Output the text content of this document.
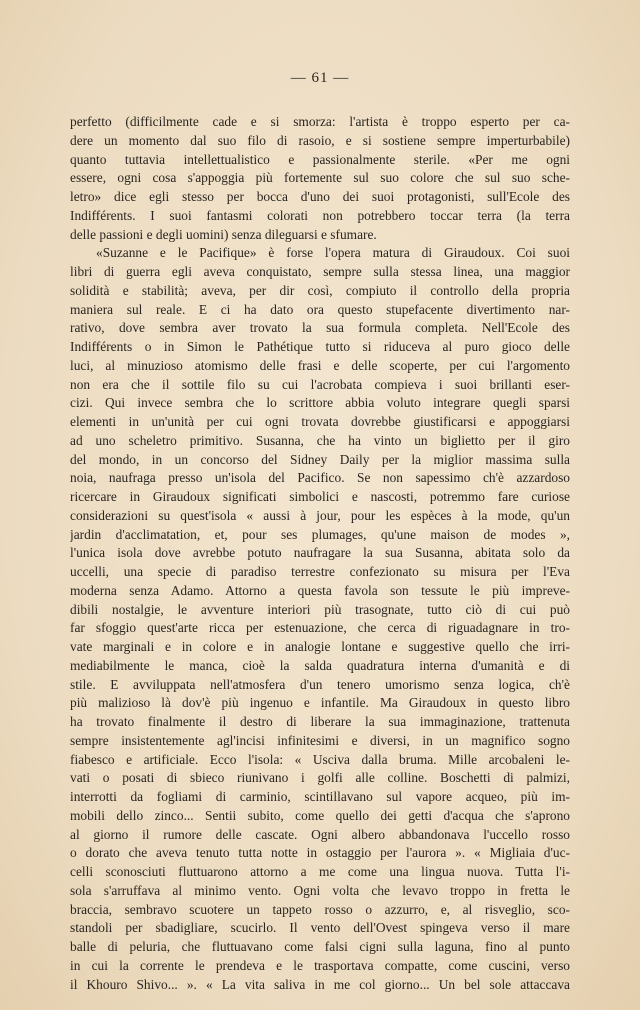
— 61 —
perfetto (difficilmente cade e si smorza: l'artista è troppo esperto per ca-
dere un momento dal suo filo di rasoio, e si sostiene sempre imperturbabile)
quanto tuttavia intellettualistico e passionalmente sterile. «Per me ogni
essere, ogni cosa s'appoggia più fortemente sul suo colore che sul suo sche-
letro» dice egli stesso per bocca d'uno dei suoi protagonisti, sull'Ecole des
Indifférents. I suoi fantasmi colorati non potrebbero toccar terra (la terra
delle passioni e degli uomini) senza dileguarsi e sfumare.
«Suzanne e le Pacifique» è forse l'opera matura di Giraudoux. Coi suoi
libri di guerra egli aveva conquistato, sempre sulla stessa linea, una maggior
solidità e stabilità; aveva, per dir così, compiuto il controllo della propria
maniera sul reale. E ci ha dato ora questo stupefacente divertimento nar-
rativo, dove sembra aver trovato la sua formula completa. Nell'Ecole des
Indifférents o in Simon le Pathétique tutto si riduceva al puro gioco delle
luci, al minuzioso atomismo delle frasi e delle scoperte, per cui l'argomento
non era che il sottile filo su cui l'acrobata compieva i suoi brillanti eser-
cizi. Qui invece sembra che lo scrittore abbia voluto integrare quegli sparsi
elementi in un'unità per cui ogni trovata dovrebbe giustificarsi e appoggiarsi
ad uno scheletro primitivo. Susanna, che ha vinto un biglietto per il giro
del mondo, in un concorso del Sidney Daily per la miglior massima sulla
noia, naufraga presso un'isola del Pacifico. Se non sapessimo ch'è azzardoso
ricercare in Giraudoux significati simbolici e nascosti, potremmo fare curiose
considerazioni su quest'isola « aussi à jour, pour les espèces à la mode, qu'un
jardin d'acclimatation, et, pour ses plumages, qu'une maison de modes »,
l'unica isola dove avrebbe potuto naufragare la sua Susanna, abitata solo da
uccelli, una specie di paradiso terrestre confezionato su misura per l'Eva
moderna senza Adamo. Attorno a questa favola son tessute le più impreve-
dibili nostalgie, le avventure interiori più trasognate, tutto ciò di cui può
far sfoggio quest'arte ricca per estenuazione, che cerca di riguadagnare in tro-
vate marginali e in colore e in analogie lontane e suggestive quello che irri-
mediabilmente le manca, cioè la salda quadratura interna d'umanità e di
stile. E avviluppata nell'atmosfera d'un tenero umorismo senza logica, ch'è
più malizioso là dov'è più ingenuo e infantile. Ma Giraudoux in questo libro
ha trovato finalmente il destro di liberare la sua immaginazione, trattenuta
sempre insistentemente agl'incisi infinitesimi e diversi, in un magnifico sogno
fiabesco e artificiale. Ecco l'isola: « Usciva dalla bruma. Mille arcobaleni le-
vati o posati di sbieco riunivano i golfi alle colline. Boschetti di palmizi,
interrotti da fogliami di carminio, scintillavano sul vapore acqueo, più im-
mobili dello zinco... Sentii subito, come quello dei getti d'acqua che s'aprono
al giorno il rumore delle cascate. Ogni albero abbandonava l'uccello rosso
o dorato che aveva tenuto tutta notte in ostaggio per l'aurora ». « Migliaia d'uc-
celli sconosciuti fluttuarono attorno a me come una lingua nuova. Tutta l'i-
sola s'arruffava al minimo vento. Ogni volta che levavo troppo in fretta le
braccia, sembravo scuotere un tappeto rosso o azzurro, e, al risveglio, sco-
standoli per sbadigliare, scucirlo. Il vento dell'Ovest spingeva verso il mare
balle di peluria, che fluttuavano come falsi cigni sulla laguna, fino al punto
in cui la corrente le prendeva e le trasportava compatte, come cuscini, verso
il Khouro Shivo... ». « La vita saliva in me col giorno... Un bel sole attaccava
